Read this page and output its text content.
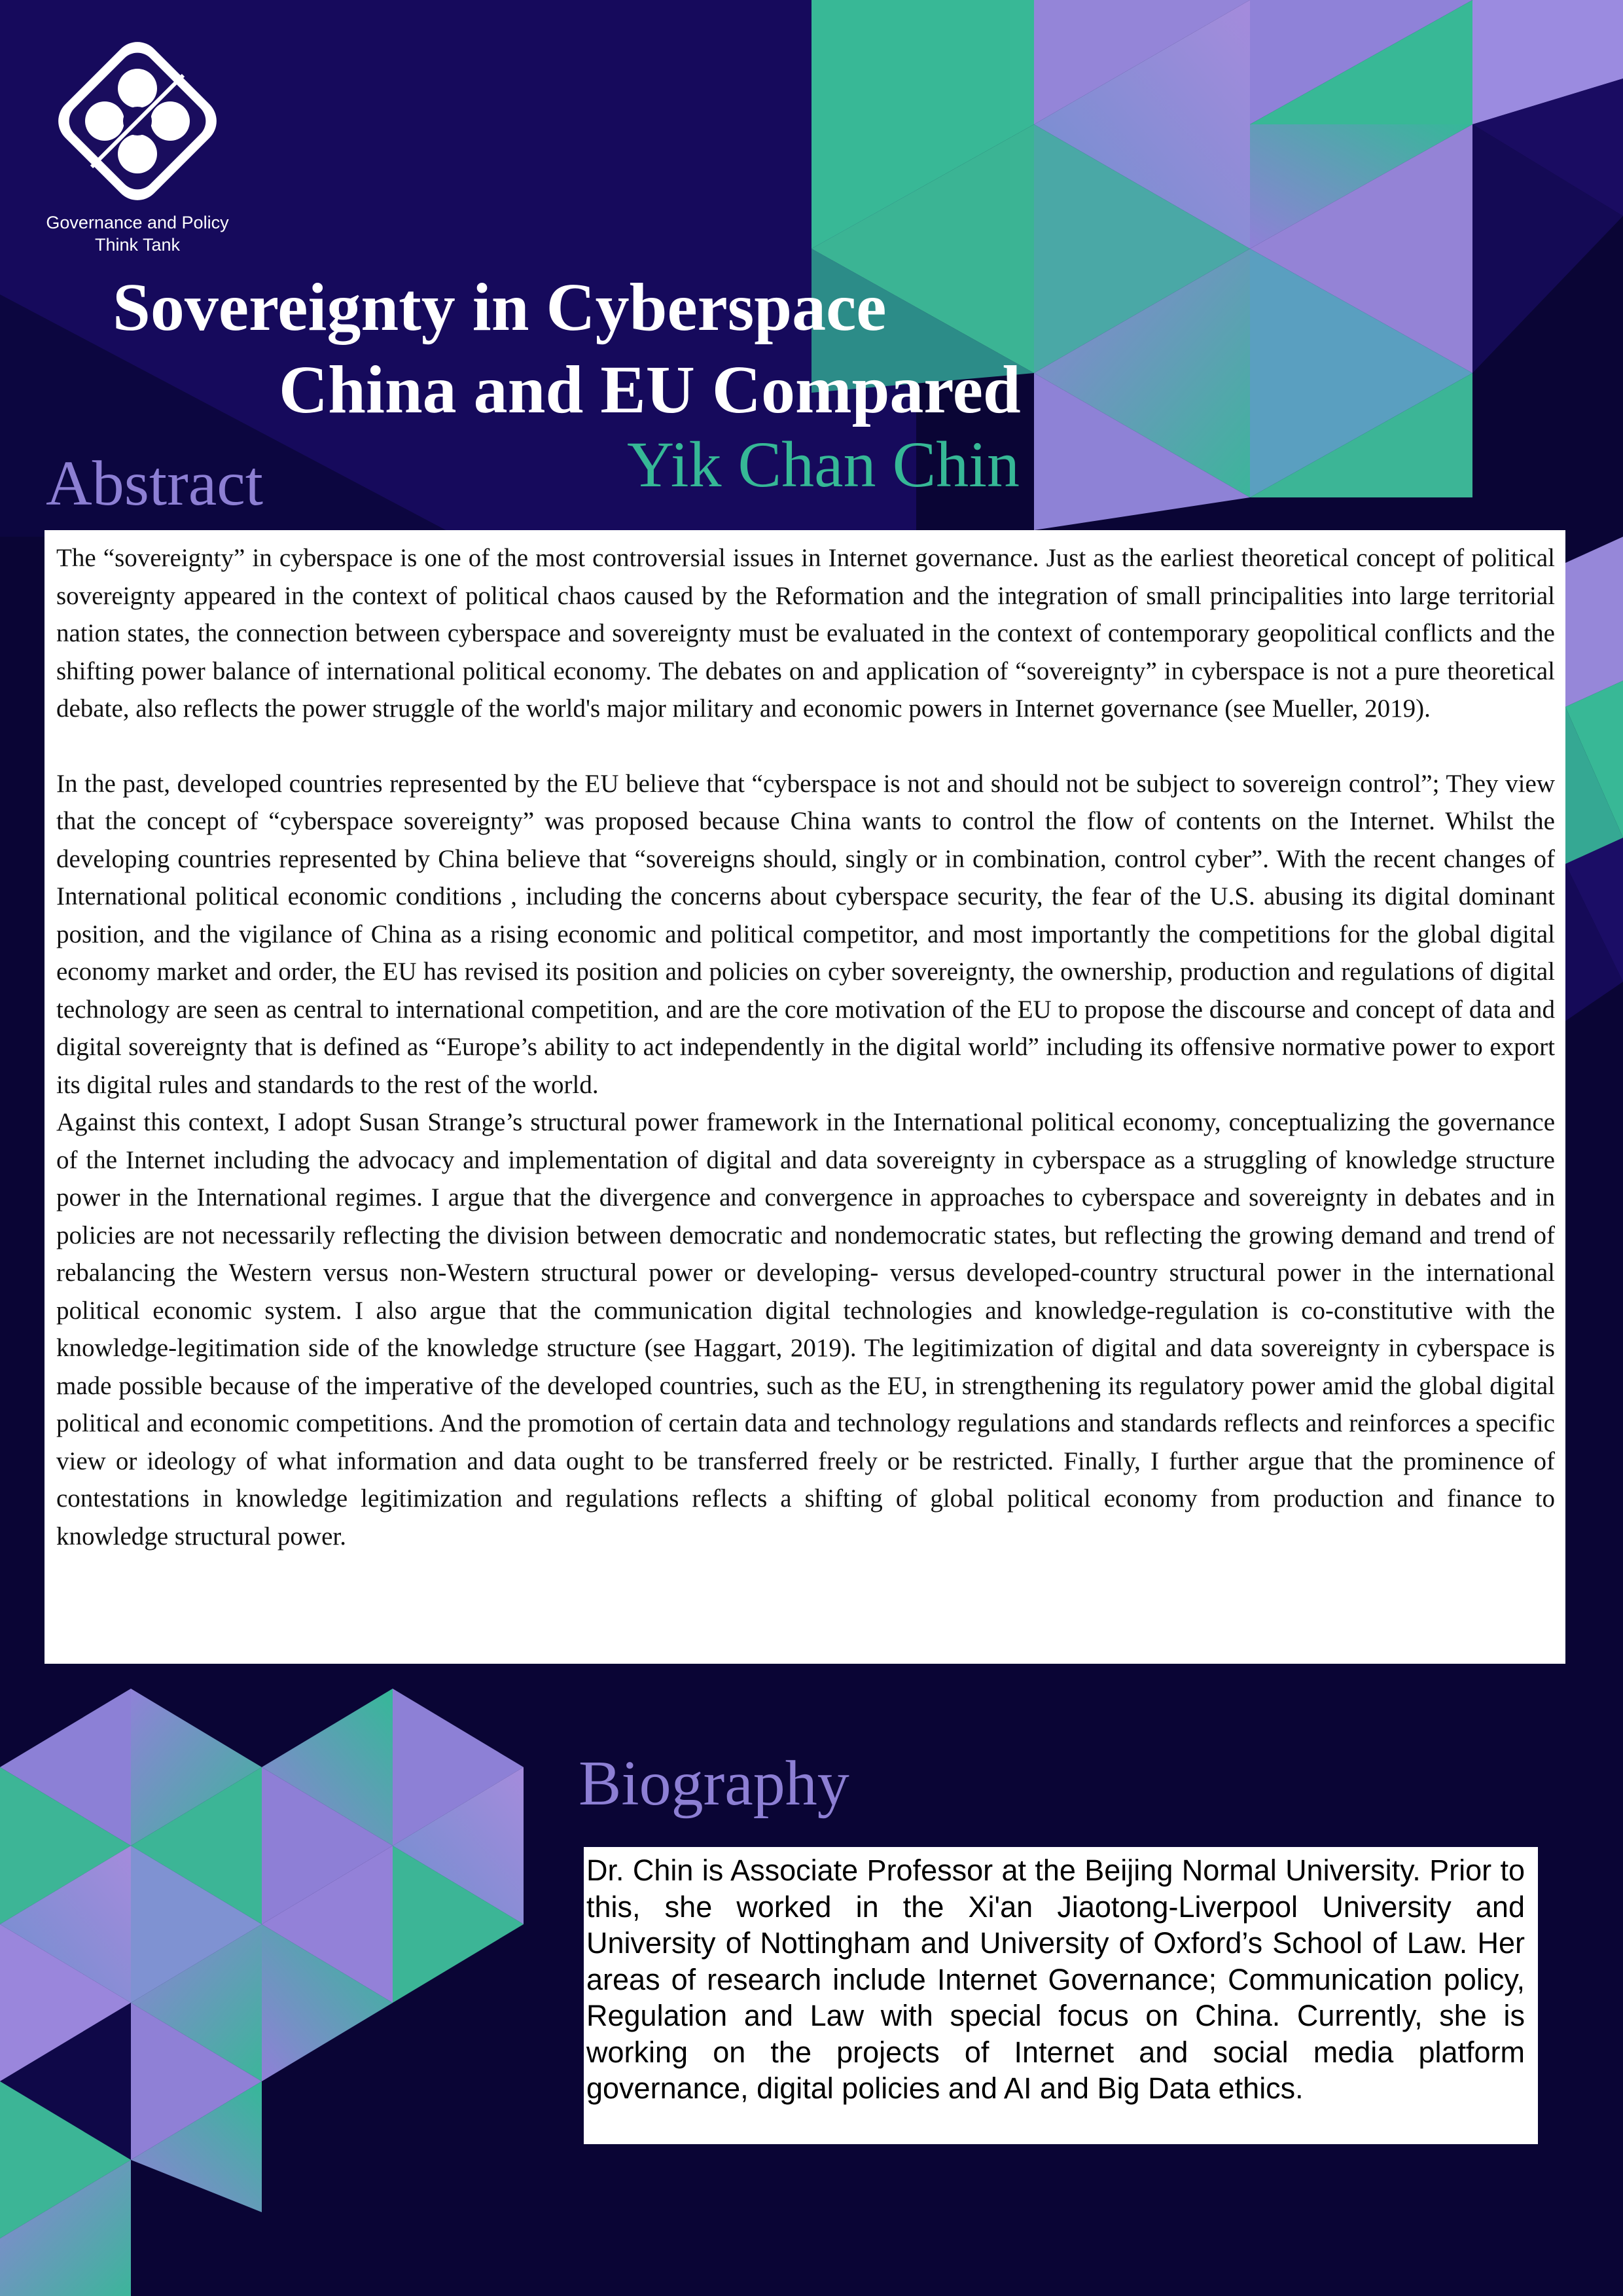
Governance and Policy
Think Tank
Sovereignty in Cyberspace
China and EU Compared
Yik Chan Chin
Abstract

The “sovereignty” in cyberspace is one of the most controversial issues in Internet governance. Just as the earliest theoretical concept of political sovereignty appeared in the context of political chaos caused by the Reformation and the integration of small principalities into large territorial nation states, the connection between cyberspace and sovereignty must be evaluated in the context of contemporary geopolitical conflicts and the shifting power balance of international political economy. The debates on and application of “sovereignty” in cyberspace is not a pure theoretical debate, also reflects the power struggle of the world's major military and economic powers in Internet governance (see Mueller, 2019).

In the past, developed countries represented by the EU believe that “cyberspace is not and should not be subject to sovereign control”; They view that the concept of “cyberspace sovereignty” was proposed because China wants to control the flow of contents on the Internet. Whilst the developing countries represented by China believe that “sovereigns should, singly or in combination, control cyber”. With the recent changes of International political economic conditions , including the concerns about cyberspace security, the fear of the U.S. abusing its digital dominant position, and the vigilance of China as a rising economic and political competitor, and most importantly the competitions for the global digital economy market and order, the EU has revised its position and policies on cyber sovereignty, the ownership, production and regulations of digital technology are seen as central to international competition, and are the core motivation of the EU to propose the discourse and concept of data and digital sovereignty that is defined as “Europe’s ability to act independently in the digital world” including its offensive normative power to export its digital rules and standards to the rest of the world.

Against this context, I adopt Susan Strange’s structural power framework in the International political economy, conceptualizing the governance of the Internet including the advocacy and implementation of digital and data sovereignty in cyberspace as a struggling of knowledge structure power in the International regimes. I argue that the divergence and convergence in approaches to cyberspace and sovereignty in debates and in policies are not necessarily reflecting the division between democratic and nondemocratic states, but reflecting the growing demand and trend of rebalancing the Western versus non-Western structural power or developing- versus developed-country structural power in the international political economic system. I also argue that the communication digital technologies and knowledge-regulation is co-constitutive with the knowledge-legitimation side of the knowledge structure (see Haggart, 2019). The legitimization of digital and data sovereignty in cyberspace is made possible because of the imperative of the developed countries, such as the EU, in strengthening its regulatory power amid the global digital political and economic competitions. And the promotion of certain data and technology regulations and standards reflects and reinforces a specific view or ideology of what information and data ought to be transferred freely or be restricted. Finally, I further argue that the prominence of contestations in knowledge legitimization and regulations reflects a shifting of global political economy from production and finance to knowledge structural power.

Biography

Dr. Chin is Associate Professor at the Beijing Normal University. Prior to this, she worked in the Xi'an Jiaotong-Liverpool University and University of Nottingham and University of Oxford’s School of Law. Her areas of research include Internet Governance; Communication policy, Regulation and Law with special focus on China. Currently, she is working on the projects of Internet and social media platform governance, digital policies and AI and Big Data ethics.
